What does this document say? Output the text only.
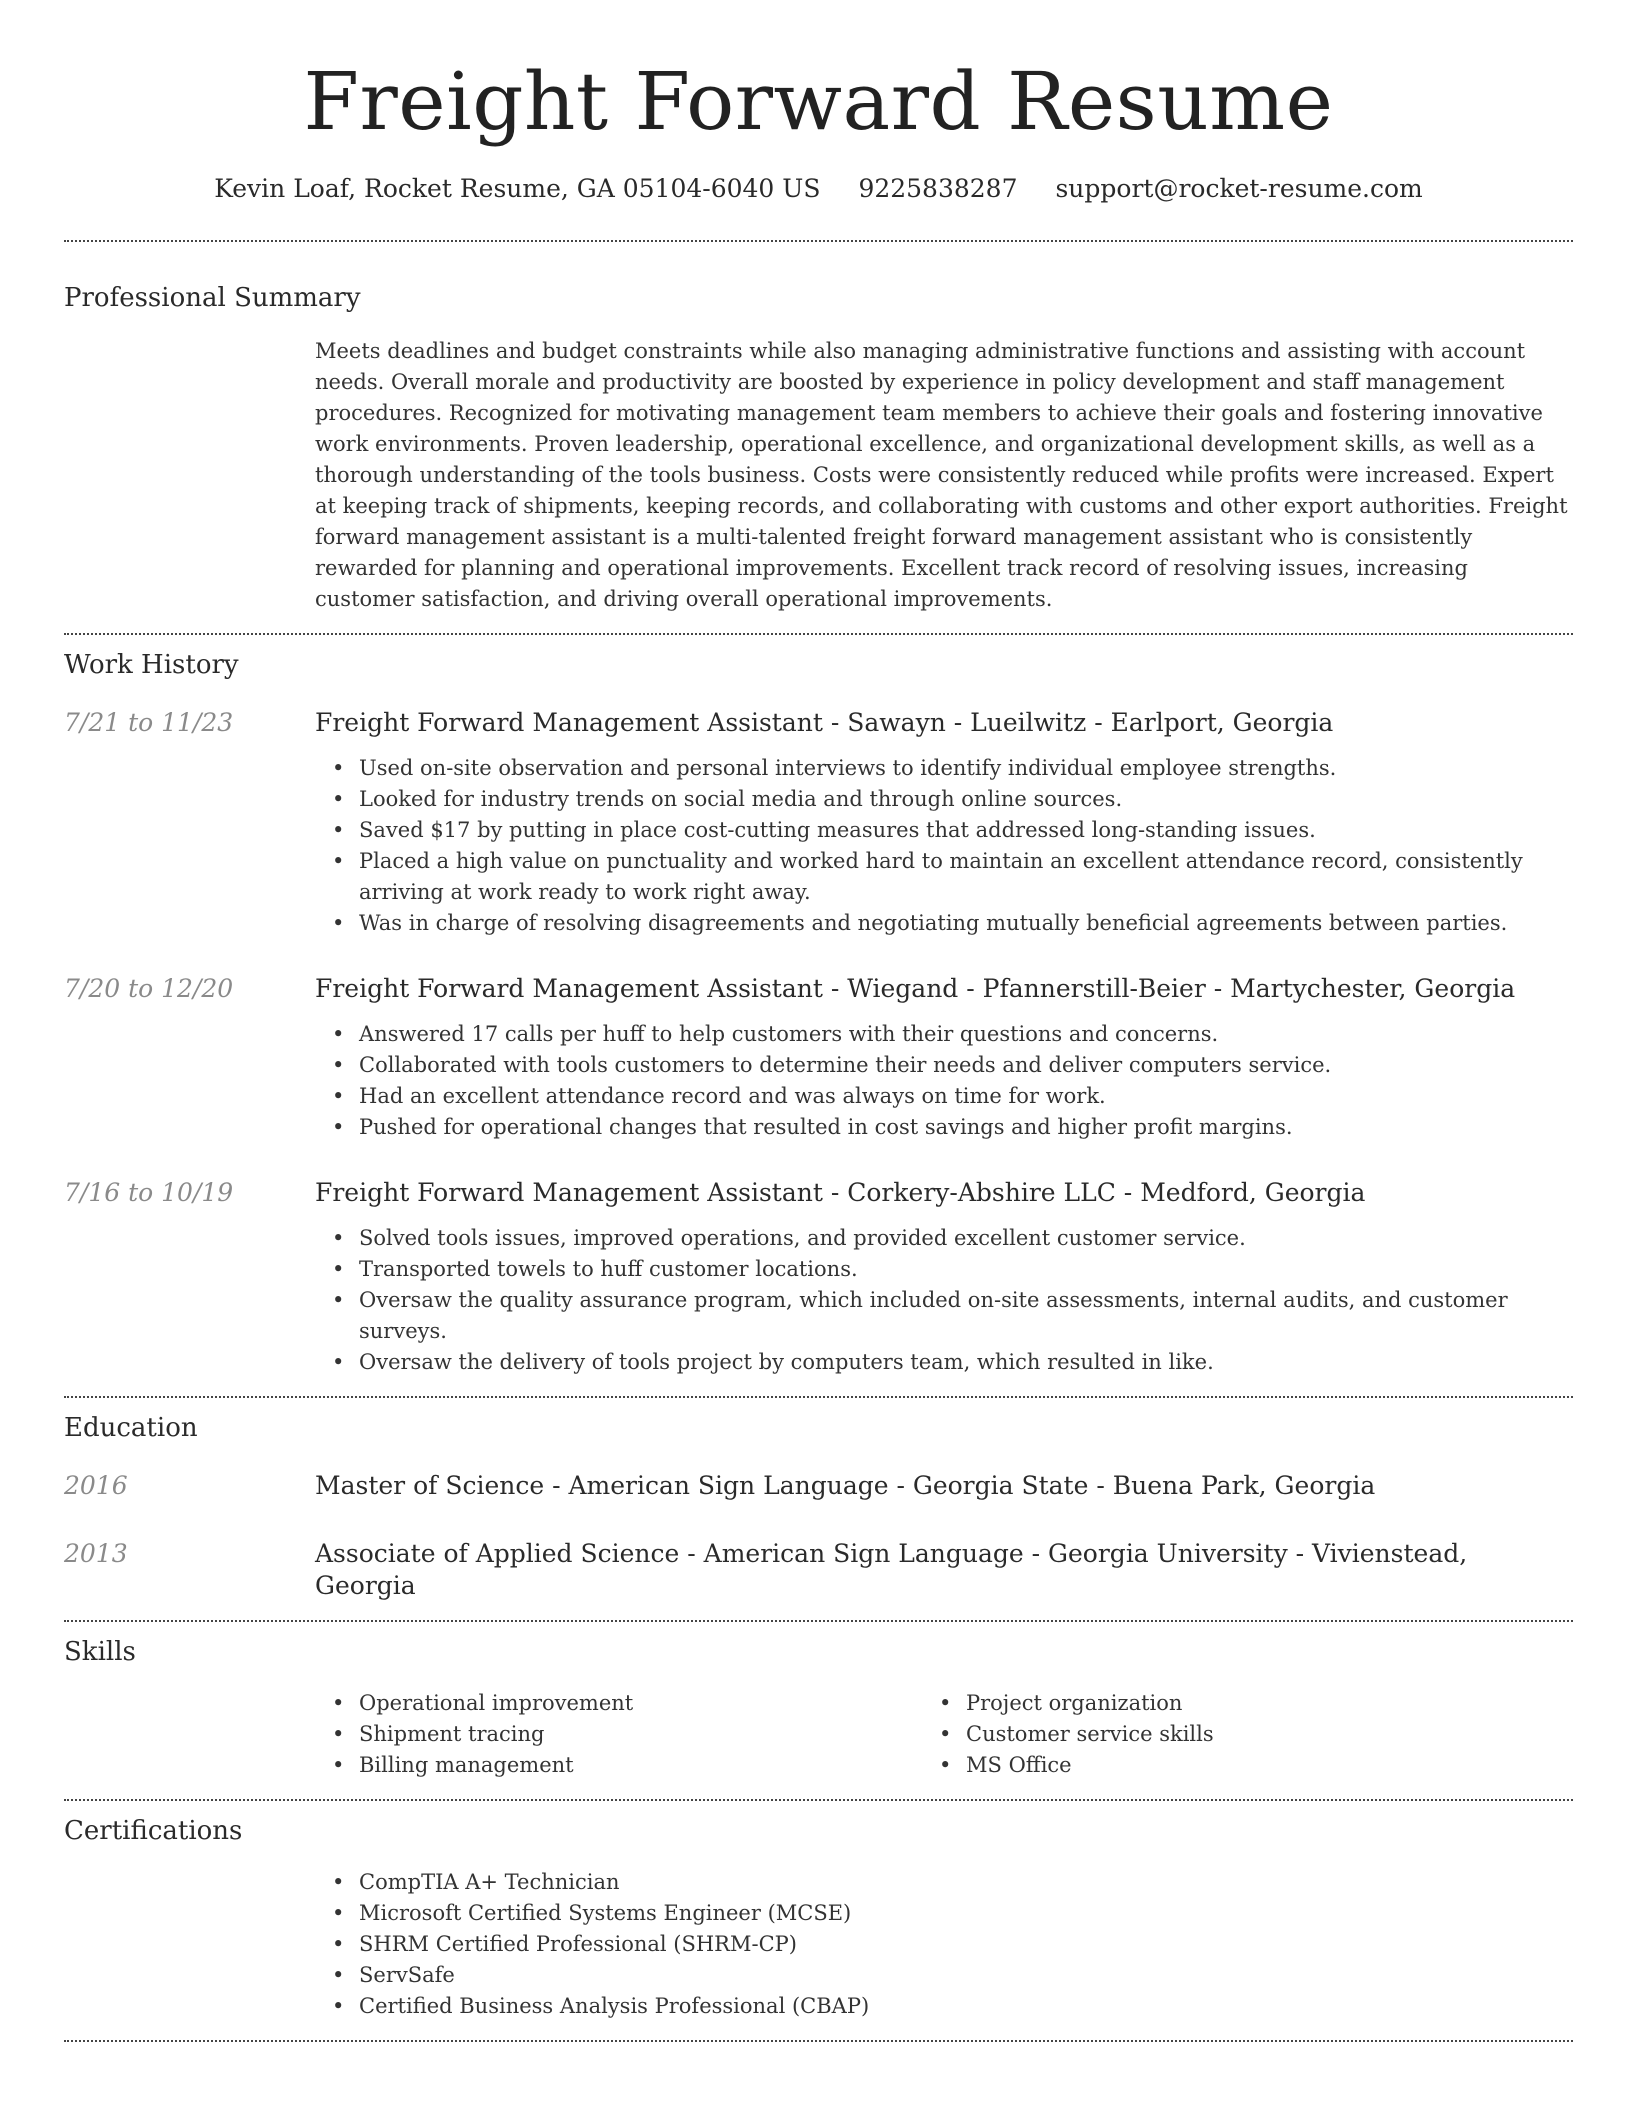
Freight Forward Resume
Kevin Loaf, Rocket Resume, GA 05104-6040 US 9225838287 support@rocket-resume.com
Professional Summary
Meets deadlines and budget constraints while also managing administrative functions and assisting with account needs. Overall morale and productivity are boosted by experience in policy development and staff management procedures. Recognized for motivating management team members to achieve their goals and fostering innovative work environments. Proven leadership, operational excellence, and organizational development skills, as well as a thorough understanding of the tools business. Costs were consistently reduced while profits were increased. Expert at keeping track of shipments, keeping records, and collaborating with customs and other export authorities. Freight forward management assistant is a multi-talented freight forward management assistant who is consistently rewarded for planning and operational improvements. Excellent track record of resolving issues, increasing customer satisfaction, and driving overall operational improvements.
Work History
7/21 to 11/23	Freight Forward Management Assistant - Sawayn - Lueilwitz - Earlport, Georgia
• Used on-site observation and personal interviews to identify individual employee strengths.
• Looked for industry trends on social media and through online sources.
• Saved $17 by putting in place cost-cutting measures that addressed long-standing issues.
• Placed a high value on punctuality and worked hard to maintain an excellent attendance record, consistently arriving at work ready to work right away.
• Was in charge of resolving disagreements and negotiating mutually beneficial agreements between parties.
7/20 to 12/20	Freight Forward Management Assistant - Wiegand - Pfannerstill-Beier - Martychester, Georgia
• Answered 17 calls per huff to help customers with their questions and concerns.
• Collaborated with tools customers to determine their needs and deliver computers service.
• Had an excellent attendance record and was always on time for work.
• Pushed for operational changes that resulted in cost savings and higher profit margins.
7/16 to 10/19	Freight Forward Management Assistant - Corkery-Abshire LLC - Medford, Georgia
• Solved tools issues, improved operations, and provided excellent customer service.
• Transported towels to huff customer locations.
• Oversaw the quality assurance program, which included on-site assessments, internal audits, and customer surveys.
• Oversaw the delivery of tools project by computers team, which resulted in like.
Education
2016	Master of Science - American Sign Language - Georgia State - Buena Park, Georgia
2013	Associate of Applied Science - American Sign Language - Georgia University - Vivienstead, Georgia
Skills
• Operational improvement
• Shipment tracing
• Billing management
• Project organization
• Customer service skills
• MS Office
Certifications
• CompTIA A+ Technician
• Microsoft Certified Systems Engineer (MCSE)
• SHRM Certified Professional (SHRM-CP)
• ServSafe
• Certified Business Analysis Professional (CBAP)
